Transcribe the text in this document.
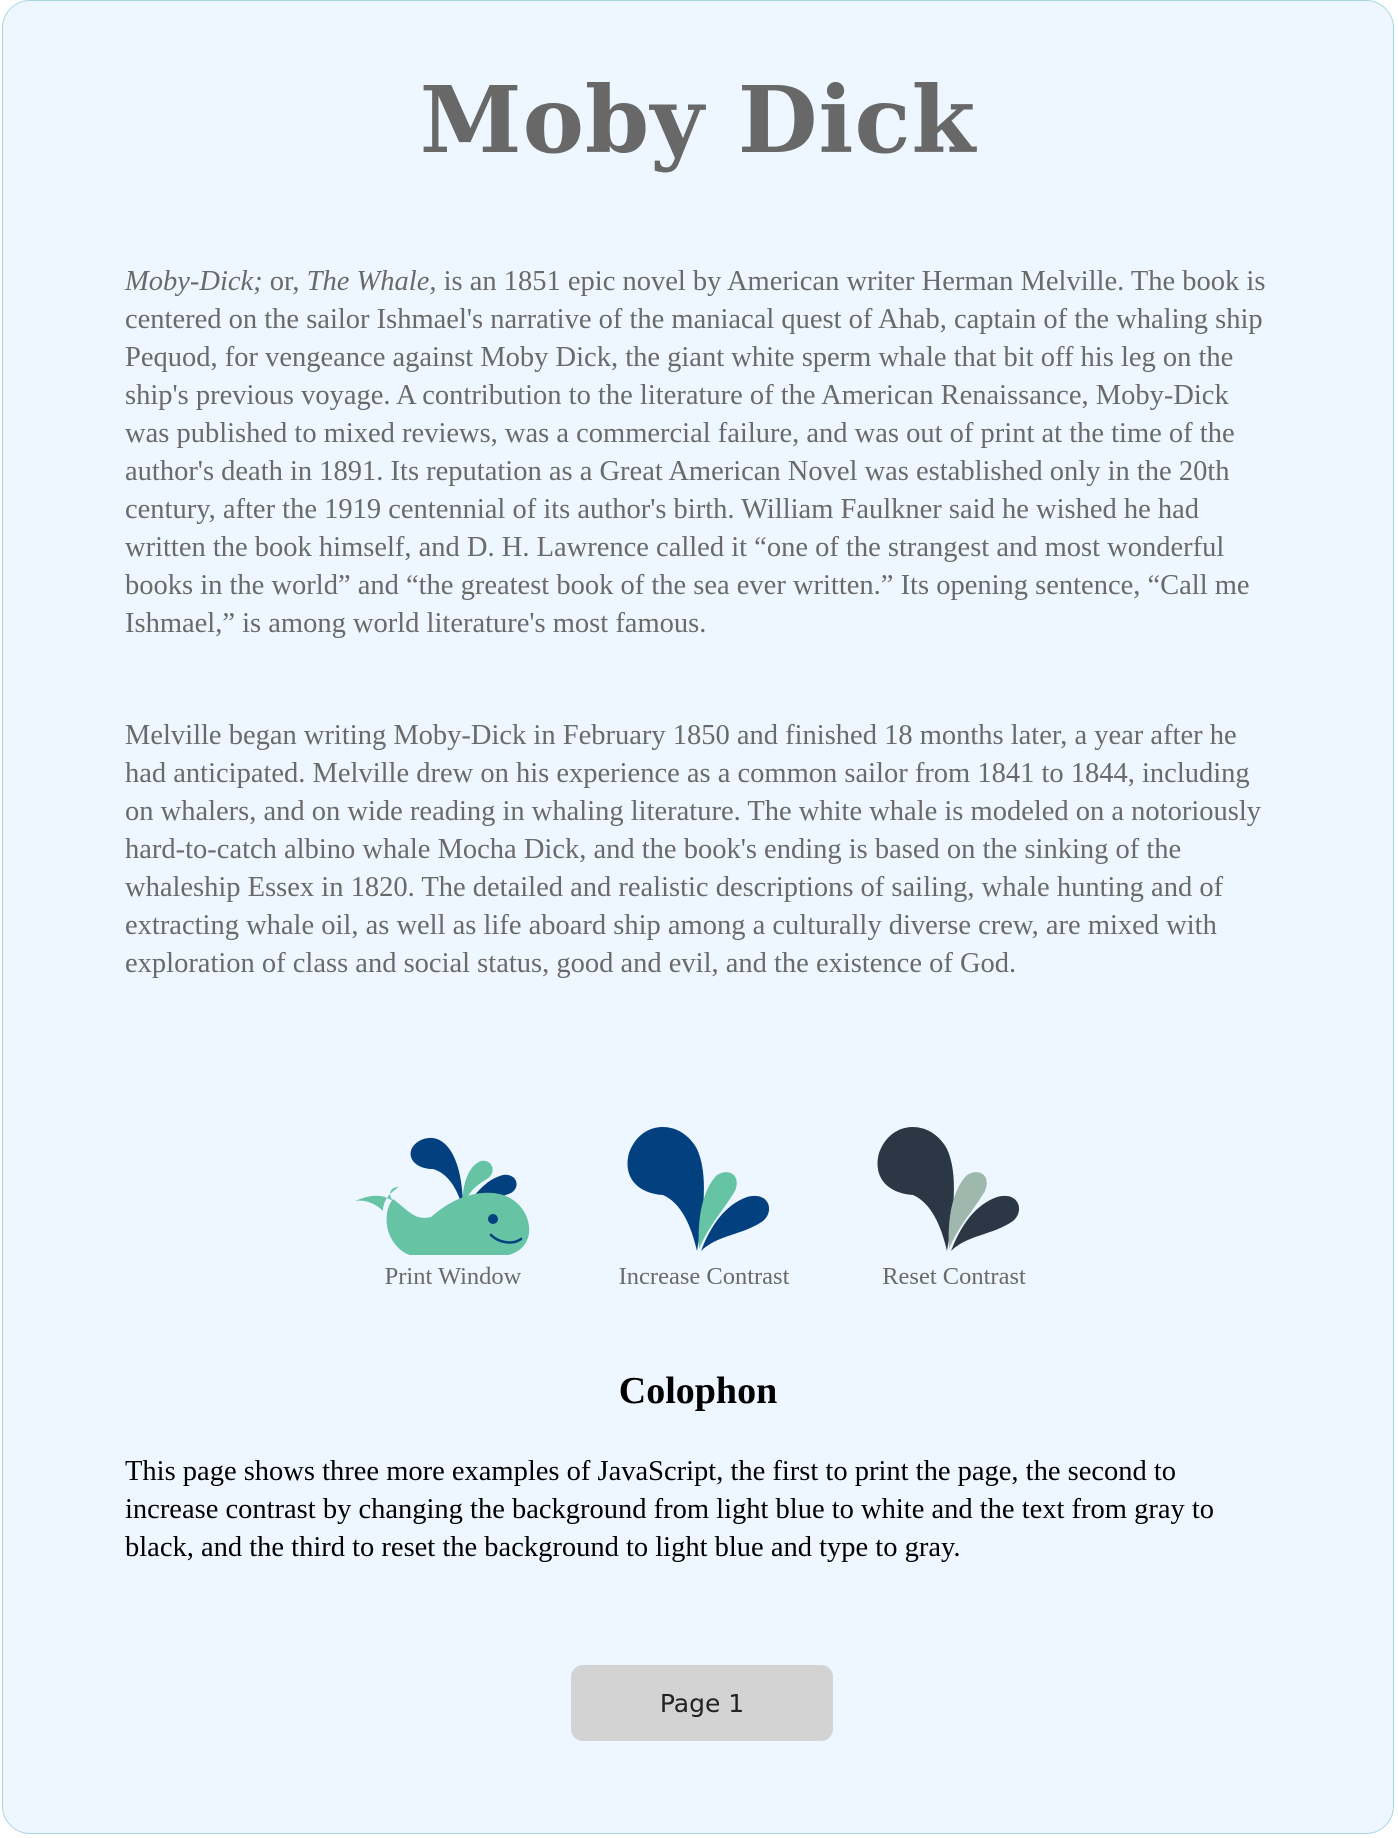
Moby Dick

Moby-Dick; or, The Whale, is an 1851 epic novel by American writer Herman Melville. The book is centered on the sailor Ishmael's narrative of the maniacal quest of Ahab, captain of the whaling ship Pequod, for vengeance against Moby Dick, the giant white sperm whale that bit off his leg on the ship's previous voyage. A contribution to the literature of the American Renaissance, Moby-Dick was published to mixed reviews, was a commercial failure, and was out of print at the time of the author's death in 1891. Its reputation as a Great American Novel was established only in the 20th century, after the 1919 centennial of its author's birth. William Faulkner said he wished he had written the book himself, and D. H. Lawrence called it “one of the strangest and most wonderful books in the world” and “the greatest book of the sea ever written.” Its opening sentence, “Call me Ishmael,” is among world literature's most famous.

Melville began writing Moby-Dick in February 1850 and finished 18 months later, a year after he had anticipated. Melville drew on his experience as a common sailor from 1841 to 1844, including on whalers, and on wide reading in whaling literature. The white whale is modeled on a notoriously hard-to-catch albino whale Mocha Dick, and the book's ending is based on the sinking of the whaleship Essex in 1820. The detailed and realistic descriptions of sailing, whale hunting and of extracting whale oil, as well as life aboard ship among a culturally diverse crew, are mixed with exploration of class and social status, good and evil, and the existence of God.

Print Window	Increase Contrast	Reset Contrast
Colophon

This page shows three more examples of JavaScript, the first to print the page, the second to increase contrast by changing the background from light blue to white and the text from gray to black, and the third to reset the background to light blue and type to gray.

Page 1
